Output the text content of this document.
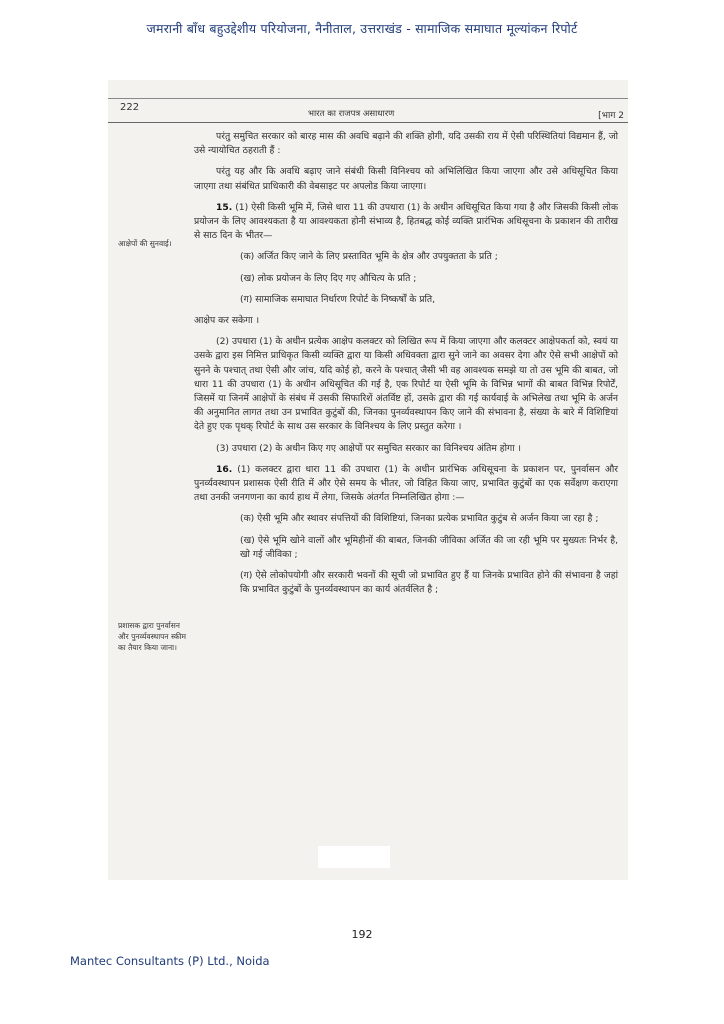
जमरानी बाँध बहुउद्देशीय परियोजना, नैनीताल, उत्तराखंड - सामाजिक समाघात मूल्यांकन रिपोर्ट
222
भारत का राजपत्र असाधारण	[भाग 2
आक्षेपों की सुनवाई।
प्रशासक द्वारा पुनर्वासन और पुनर्व्यवस्थापन स्कीम का तैयार किया जाना।

परंतु समुचित सरकार को बारह मास की अवधि बढ़ाने की शक्ति होगी, यदि उसकी राय में ऐसी परिस्थितियां विद्यमान हैं, जो उसे न्यायोचित ठहराती हैं :

परंतु यह और कि अवधि बढ़ाए जाने संबंधी किसी विनिश्चय को अभिलिखित किया जाएगा और उसे अधिसूचित किया जाएगा तथा संबंधित प्राधिकारी की वेबसाइट पर अपलोड किया जाएगा।

15. (1) ऐसी किसी भूमि में, जिसे धारा 11 की उपधारा (1) के अधीन अधिसूचित किया गया है और जिसकी किसी लोक प्रयोजन के लिए आवश्यकता है या आवश्यकता होनी संभाव्य है, हितबद्ध कोई व्यक्ति प्रारंभिक अधिसूचना के प्रकाशन की तारीख से साठ दिन के भीतर—

(क) अर्जित किए जाने के लिए प्रस्तावित भूमि के क्षेत्र और उपयुक्तता के प्रति ;

(ख) लोक प्रयोजन के लिए दिए गए औचित्य के प्रति ;

(ग) सामाजिक समाघात निर्धारण रिपोर्ट के निष्कर्षों के प्रति,

आक्षेप कर सकेगा ।

(2) उपधारा (1) के अधीन प्रत्येक आक्षेप कलक्टर को लिखित रूप में किया जाएगा और कलक्टर आक्षेपकर्ता को, स्वयं या उसके द्वारा इस निमित्त प्राधिकृत किसी व्यक्ति द्वारा या किसी अधिवक्ता द्वारा सुने जाने का अवसर देगा और ऐसे सभी आक्षेपों को सुनने के पश्चात् तथा ऐसी और जांच, यदि कोई हो, करने के पश्चात् जैसी भी वह आवश्यक समझे या तो उस भूमि की बाबत, जो धारा 11 की उपधारा (1) के अधीन अधिसूचित की गई है, एक रिपोर्ट या ऐसी भूमि के विभिन्न भागों की बाबत विभिन्न रिपोर्टें, जिसमें या जिनमें आक्षेपों के संबंध में उसकी सिफारिशें अंतर्विष्ट हों, उसके द्वारा की गई कार्यवाई के अभिलेख तथा भूमि के अर्जन की अनुमानित लागत तथा उन प्रभावित कुटुंबों की, जिनका पुनर्व्यवस्थापन किए जाने की संभावना है, संख्या के बारे में विशिष्टियां देते हुए एक पृथक् रिपोर्ट के साथ उस सरकार के विनिश्चय के लिए प्रस्तुत करेगा ।

(3) उपधारा (2) के अधीन किए गए आक्षेपों पर समुचित सरकार का विनिश्चय अंतिम होगा ।

16. (1) कलक्टर द्वारा धारा 11 की उपधारा (1) के अधीन प्रारंभिक अधिसूचना के प्रकाशन पर, पुनर्वासन और पुनर्व्यवस्थापन प्रशासक ऐसी रीति में और ऐसे समय के भीतर, जो विहित किया जाए, प्रभावित कुटुंबों का एक सर्वेक्षण कराएगा तथा उनकी जनगणना का कार्य हाथ में लेगा, जिसके अंतर्गत निम्नलिखित होगा :—

(क) ऐसी भूमि और स्थावर संपत्तियों की विशिष्टियां, जिनका प्रत्येक प्रभावित कुटुंब से अर्जन किया जा रहा है ;

(ख) ऐसे भूमि खोने वालों और भूमिहीनों की बाबत, जिनकी जीविका अर्जित की जा रही भूमि पर मुख्यतः निर्भर है, खो गई जीविका ;

(ग) ऐसे लोकोपयोगी और सरकारी भवनों की सूची जो प्रभावित हुए हैं या जिनके प्रभावित होने की संभावना है जहां कि प्रभावित कुटुंबों के पुनर्व्यवस्थापन का कार्य अंतर्वलित है ;

192
Mantec Consultants (P) Ltd., Noida
